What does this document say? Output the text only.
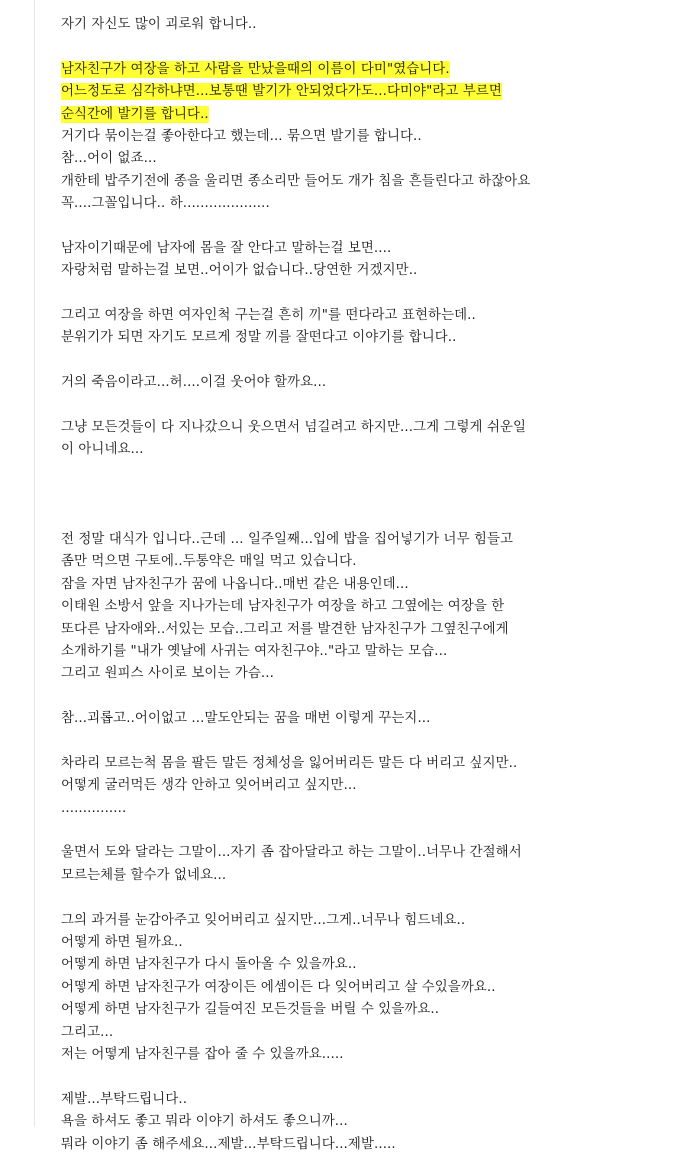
자기 자신도 많이 괴로워 합니다..
남자친구가 여장을 하고 사람을 만났을때의 이름이 다미"였습니다.
어느정도로 심각하냐면...보통땐 발기가 안되었다가도...다미야"라고 부르면
순식간에 발기를 합니다..
거기다 묶이는걸 좋아한다고 했는데... 묶으면 발기를 합니다..
참...어이 없죠...
개한테 밥주기전에 종을 울리면 종소리만 들어도 개가 침을 흔들린다고 하잖아요
꼭....그꼴입니다.. 하....................
남자이기때문에 남자에 몸을 잘 안다고 말하는걸 보면....
자랑처럼 말하는걸 보면..어이가 없습니다..당연한 거겠지만..
그리고 여장을 하면 여자인척 구는걸 흔히 끼"를 떤다라고 표현하는데..
분위기가 되면 자기도 모르게 정말 끼를 잘떤다고 이야기를 합니다..
거의 죽음이라고...허....이걸 웃어야 할까요...
그냥 모든것들이 다 지나갔으니 웃으면서 넘길려고 하지만...그게 그렇게 쉬운일
이 아니네요...
전 정말 대식가 입니다..근데 ... 일주일째...입에 밥을 집어넣기가 너무 힘들고
좀만 먹으면 구토에..두통약은 매일 먹고 있습니다.
잠을 자면 남자친구가 꿈에 나옵니다..매번 같은 내용인데...
이태원 소방서 앞을 지나가는데 남자친구가 여장을 하고 그옆에는 여장을 한
또다른 남자애와..서있는 모습..그리고 저를 발견한 남자친구가 그옆친구에게
소개하기를 "내가 옛날에 사귀는 여자친구야.."라고 말하는 모습...
그리고 원피스 사이로 보이는 가슴...
참...괴롭고..어이없고 ...말도안되는 꿈을 매번 이렇게 꾸는지...
차라리 모르는척 몸을 팔든 말든 정체성을 잃어버리든 말든 다 버리고 싶지만..
어떻게 굴러먹든 생각 안하고 잊어버리고 싶지만...
...............
울면서 도와 달라는 그말이...자기 좀 잡아달라고 하는 그말이..너무나 간절해서
모르는체를 할수가 없네요...
그의 과거를 눈감아주고 잊어버리고 싶지만...그게..너무나 힘드네요..
어떻게 하면 될까요..
어떻게 하면 남자친구가 다시 돌아올 수 있을까요..
어떻게 하면 남자친구가 여장이든 에셈이든 다 잊어버리고 살 수있을까요..
어떻게 하면 남자친구가 길들여진 모든것들을 버릴 수 있을까요..
그리고...
저는 어떻게 남자친구를 잡아 줄 수 있을까요.....
제발...부탁드립니다..
욕을 하셔도 좋고 뭐라 이야기 하셔도 좋으니까...
뭐라 이야기 좀 해주세요...제발...부탁드립니다...제발.....
